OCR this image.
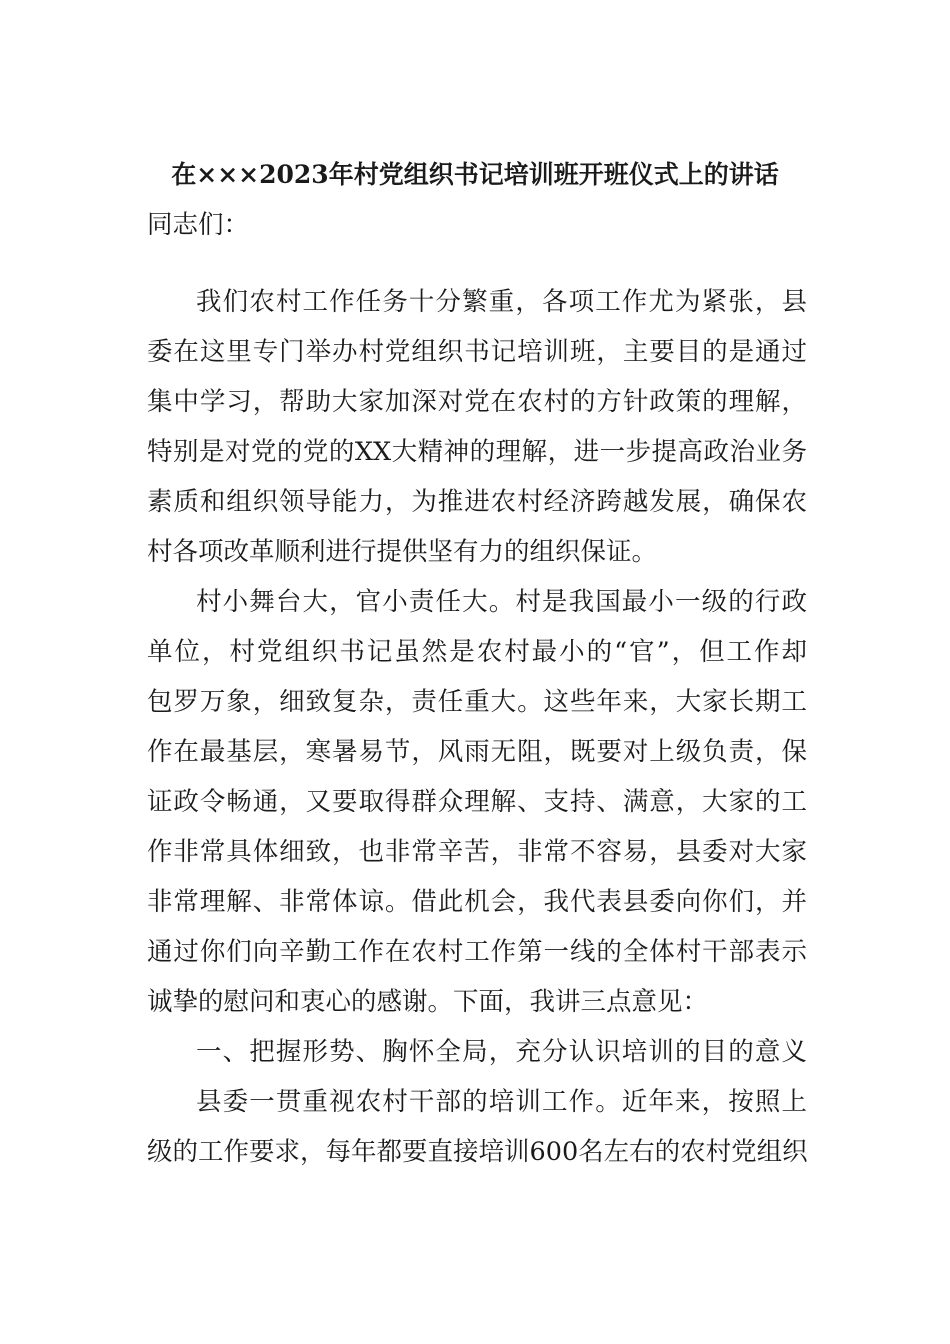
在×××2023年村党组织书记培训班开班仪式上的讲话
同志们：
我们农村工作任务十分繁重，各项工作尤为紧张，县
委在这里专门举办村党组织书记培训班，主要目的是通过
集中学习，帮助大家加深对党在农村的方针政策的理解，
特别是对党的党的XX大精神的理解，进一步提高政治业务
素质和组织领导能力，为推进农村经济跨越发展，确保农
村各项改革顺利进行提供坚有力的组织保证。
村小舞台大，官小责任大。村是我国最小一级的行政
单位，村党组织书记虽然是农村最小的“官”，但工作却
包罗万象，细致复杂，责任重大。这些年来，大家长期工
作在最基层，寒暑易节，风雨无阻，既要对上级负责，保
证政令畅通，又要取得群众理解、支持、满意，大家的工
作非常具体细致，也非常辛苦，非常不容易，县委对大家
非常理解、非常体谅。借此机会，我代表县委向你们，并
通过你们向辛勤工作在农村工作第一线的全体村干部表示
诚挚的慰问和衷心的感谢。下面，我讲三点意见：
一、把握形势、胸怀全局，充分认识培训的目的意义
县委一贯重视农村干部的培训工作。近年来，按照上
级的工作要求，每年都要直接培训600名左右的农村党组织
